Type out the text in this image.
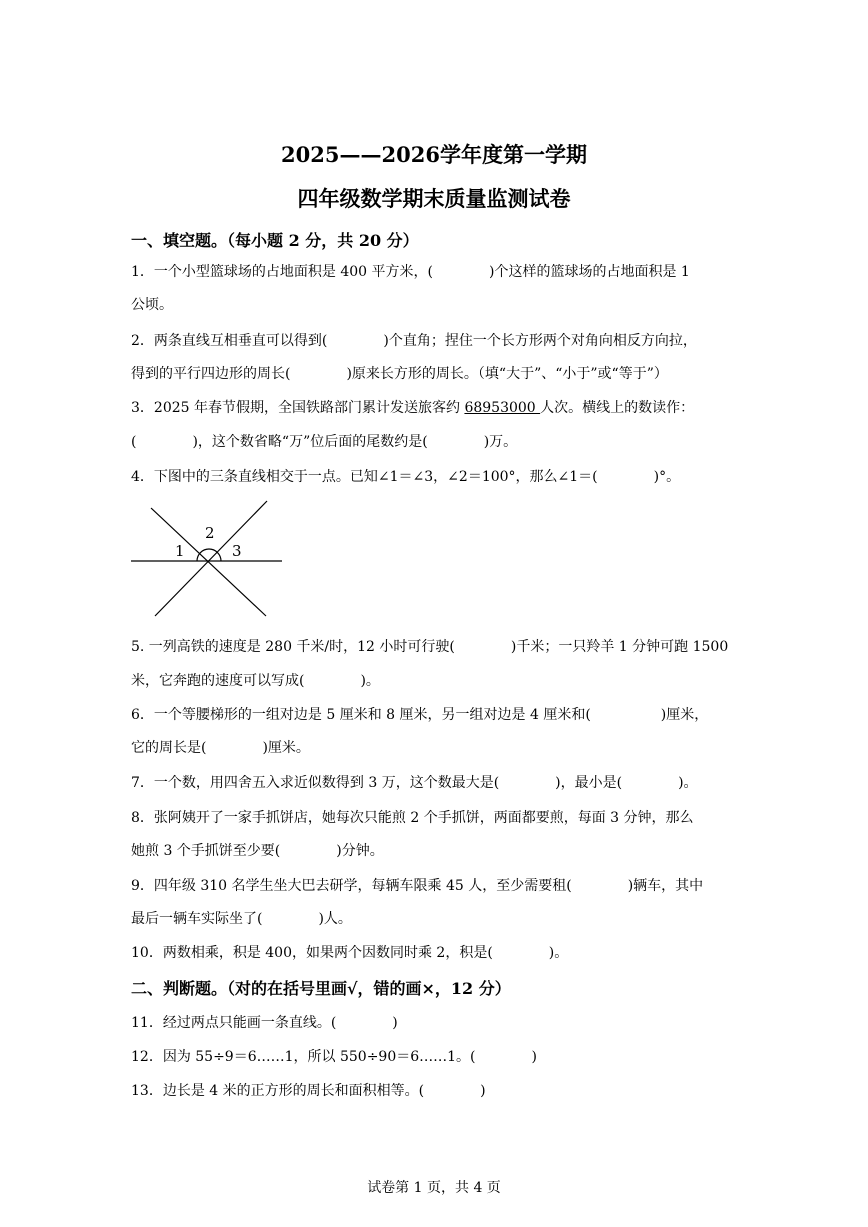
2025——2026学年度第一学期
四年级数学期末质量监测试卷
一、填空题。（每小题 2 分，共 20 分）
1．一个小型篮球场的占地面积是 400 平方米，(　　　　)个这样的篮球场的占地面积是 1
公顷。
2．两条直线互相垂直可以得到(　　　　)个直角；捏住一个长方形两个对角向相反方向拉，
得到的平行四边形的周长(　　　　)原来长方形的周长。（填“大于”、“小于”或“等于”）
3．2025 年春节假期，全国铁路部门累计发送旅客约 68953000 人次。横线上的数读作：
(　　　　)，这个数省略“万”位后面的尾数约是(　　　　)万。
4．下图中的三条直线相交于一点。已知∠1＝∠3，∠2＝100°，那么∠1＝(　　　　)°。
1
2
3
5. 一列高铁的速度是 280 千米/时，12 小时可行驶(　　　　)千米；一只羚羊 1 分钟可跑 1500
米，它奔跑的速度可以写成(　　　　)。
6．一个等腰梯形的一组对边是 5 厘米和 8 厘米，另一组对边是 4 厘米和(　　　　　)厘米，
它的周长是(　　　　)厘米。
7．一个数，用四舍五入求近似数得到 3 万，这个数最大是(　　　　)，最小是(　　　　)。
8．张阿姨开了一家手抓饼店，她每次只能煎 2 个手抓饼，两面都要煎，每面 3 分钟，那么
她煎 3 个手抓饼至少要(　　　　)分钟。
9．四年级 310 名学生坐大巴去研学，每辆车限乘 45 人，至少需要租(　　　　)辆车，其中
最后一辆车实际坐了(　　　　)人。
10．两数相乘，积是 400，如果两个因数同时乘 2，积是(　　　　)。
二、判断题。（对的在括号里画√，错的画×，12 分）
11．经过两点只能画一条直线。(　　　　)
12．因为 55÷9＝6……1，所以 550÷90＝6……1。(　　　　)
13．边长是 4 米的正方形的周长和面积相等。(　　　　)
试卷第 1 页，共 4 页
